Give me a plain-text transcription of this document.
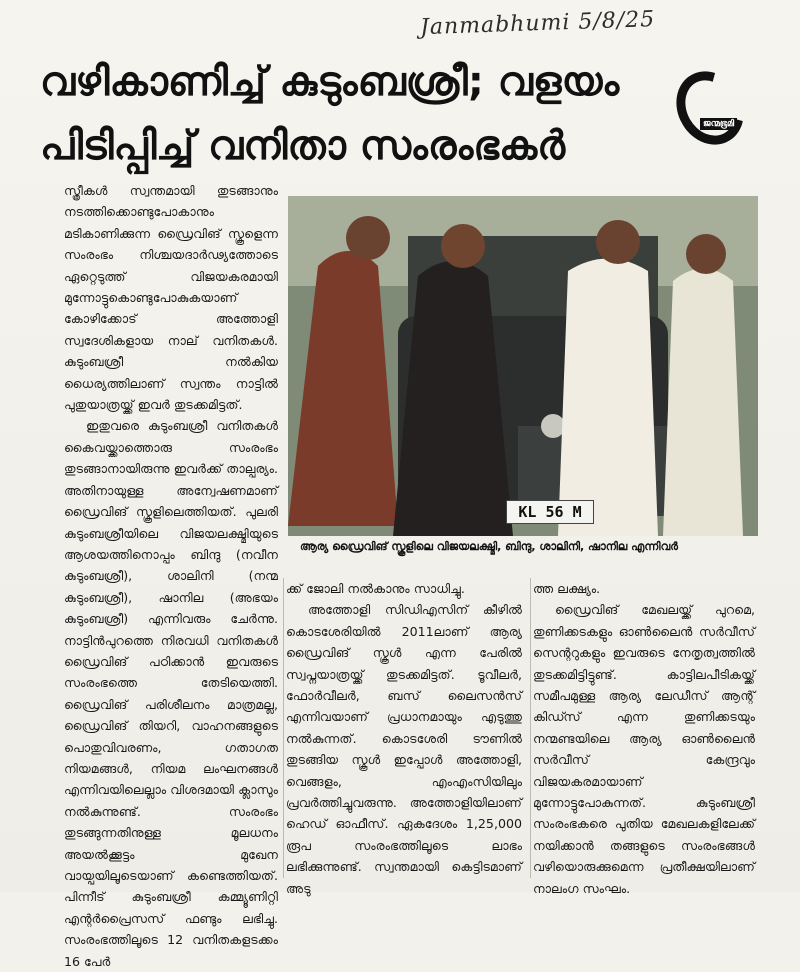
Janmabhumi 5/8/25
വഴികാണിച്ച് കുടുംബശ്രീ; വളയം
പിടിപ്പിച്ച് വനിതാ സംരംഭകർ	ജന്മഭൂമി

സ്ത്രീകൾ സ്വന്തമായി തുടങ്ങാനും നടത്തിക്കൊണ്ടുപോകാനും മടികാണിക്കുന്ന ഡ്രൈവിങ് സ്കൂളെന്ന സംരംഭം നിശ്ചയദാർഢ്യത്തോടെ ഏറ്റെടുത്ത് വിജയകരമായി മുന്നോട്ടുകൊണ്ടുപോകുകയാണ് കോഴിക്കോട് അത്തോളി സ്വദേശികളായ നാല് വനിതകൾ. കുടുംബശ്രീ നൽകിയ ധൈര്യത്തിലാണ് സ്വന്തം നാട്ടിൽ പുതുയാത്രയ്ക്ക് ഇവർ തുടക്കമിട്ടത്.

ഇതുവരെ കുടുംബശ്രീ വനിതകൾ കൈവയ്ക്കാത്തൊരു സംരംഭം തുടങ്ങാനായിരുന്നു ഇവർക്ക് താല്പര്യം. അതിനായുള്ള അന്വേഷണമാണ് ഡ്രൈവിങ് സ്കൂളിലെത്തിയത്. പുലരി കുടുംബശ്രീയിലെ വിജയലക്ഷ്മിയുടെ ആശയത്തിനൊപ്പം ബിന്ദു (നവീന കുടുംബശ്രീ), ശാലിനി (നന്മ കുടുംബശ്രീ), ഷാനില (അഭയം കുടുംബശ്രീ) എന്നിവരും ചേർന്നു. നാട്ടിൻപുറത്തെ നിരവധി വനിതകൾ ഡ്രൈവിങ് പഠിക്കാൻ ഇവരുടെ സംരംഭത്തെ തേടിയെത്തി. ഡ്രൈവിങ് പരിശീലനം മാത്രമല്ല, ഡ്രൈവിങ് തിയറി, വാഹനങ്ങളുടെ പൊതുവിവരണം, ഗതാഗത നിയമങ്ങൾ, നിയമ ലംഘനങ്ങൾ എന്നിവയിലെല്ലാം വിശദമായി ക്ലാസും നൽകുന്നുണ്ട്. സംരംഭം തുടങ്ങുന്നതിനുള്ള മൂലധനം അയൽക്കൂട്ടം മുഖേന വായ്പയിലൂടെയാണ് കണ്ടെത്തിയത്. പിന്നീട് കുടുംബശ്രീ കമ്മ്യൂണിറ്റി എന്റർപ്രൈസസ് ഫണ്ടും ലഭിച്ചു. സംരംഭത്തിലൂടെ 12 വനിതകളടക്കം 16 പേർ

KL 56 M
ആര്യ ഡ്രൈവിങ് സ്കൂളിലെ വിജയലക്ഷ്മി, ബിന്ദു, ശാലിനി, ഷാനില എന്നിവർ

ക്ക് ജോലി നൽകാനും സാധിച്ചു.

അത്തോളി സിഡിഎസിന് കീഴിൽ കൊടശേരിയിൽ 2011ലാണ് ആര്യ ഡ്രൈവിങ് സ്കൂൾ എന്ന പേരിൽ സ്വപ്നയാത്രയ്ക്ക് തുടക്കമിട്ടത്. ടൂവീലർ, ഫോർവീലർ, ബസ് ലൈസൻസ് എന്നിവയാണ് പ്രധാനമായും എടുത്തു നൽകുന്നത്. കൊടശേരി ടൗണിൽ തുടങ്ങിയ സ്കൂൾ ഇപ്പോൾ അത്തോളി, വെങ്ങളം, എംഎംസിയിലും പ്രവർത്തിച്ചുവരുന്നു. അത്തോളിയിലാണ് ഹെഡ് ഓഫീസ്. ഏകദേശം 1,25,000 രൂപ സംരംഭത്തിലൂടെ ലാഭം ലഭിക്കുന്നുണ്ട്. സ്വന്തമായി കെട്ടിടമാണ് അടു

ത്ത ലക്ഷ്യം.

ഡ്രൈവിങ് മേഖലയ്ക്ക് പുറമെ, തുണിക്കടകളും ഓൺലൈൻ സർവീസ് സെന്ററുകളും ഇവരുടെ നേതൃത്വത്തിൽ തുടക്കമിട്ടിട്ടുണ്ട്. കാട്ടിലപീടികയ്ക്ക് സമീപമുള്ള ആര്യ ലേഡീസ് ആന്റ് കിഡ്സ് എന്ന തുണിക്കടയും നന്മണ്ടയിലെ ആര്യ ഓൺലൈൻ സർവീസ് കേന്ദ്രവും വിജയകരമായാണ് മുന്നോട്ടുപോകുന്നത്. കുടുംബശ്രീ സംരംഭകരെ പുതിയ മേഖലകളിലേക്ക് നയിക്കാൻ തങ്ങളുടെ സംരംഭങ്ങൾ വഴിയൊരുക്കുമെന്ന പ്രതീക്ഷയിലാണ് നാലംഗ സംഘം.
